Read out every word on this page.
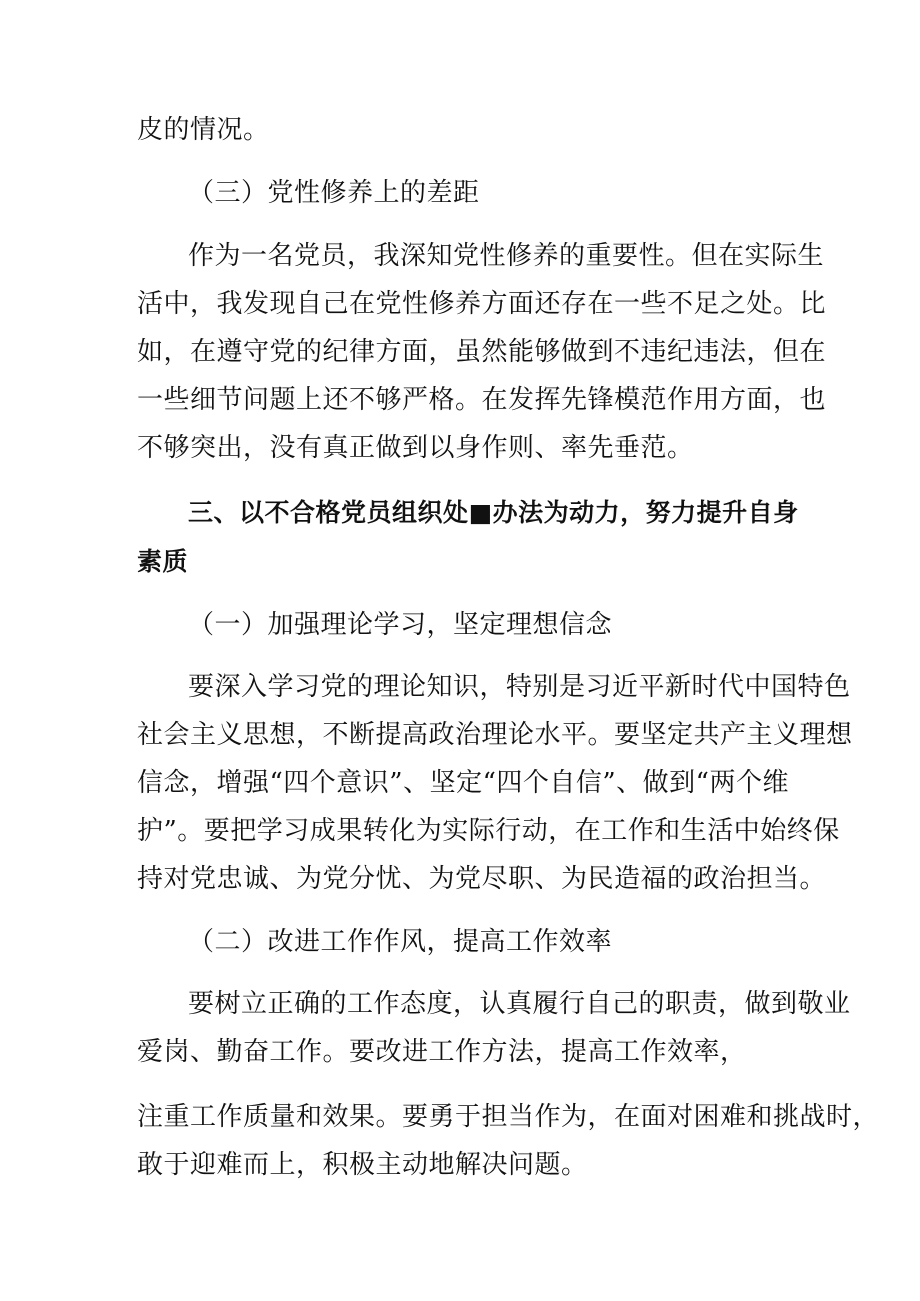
皮的情况。
（三）党性修养上的差距
作为一名党员，我深知党性修养的重要性。但在实际生
活中，我发现自己在党性修养方面还存在一些不足之处。比
如，在遵守党的纪律方面，虽然能够做到不违纪违法，但在
一些细节问题上还不够严格。在发挥先锋模范作用方面，也
不够突出，没有真正做到以身作则、率先垂范。
三、以不合格党员组织处■办法为动力，努力提升自身
素质
（一）加强理论学习，坚定理想信念
要深入学习党的理论知识，特别是习近平新时代中国特色
社会主义思想，不断提高政治理论水平。要坚定共产主义理想
信念，增强“四个意识”、坚定“四个自信”、做到“两个维
护”。要把学习成果转化为实际行动，在工作和生活中始终保
持对党忠诚、为党分忧、为党尽职、为民造福的政治担当。
（二）改进工作作风，提高工作效率
要树立正确的工作态度，认真履行自己的职责，做到敬业
爱岗、勤奋工作。要改进工作方法，提高工作效率，
注重工作质量和效果。要勇于担当作为，在面对困难和挑战时，
敢于迎难而上，积极主动地解决问题。
